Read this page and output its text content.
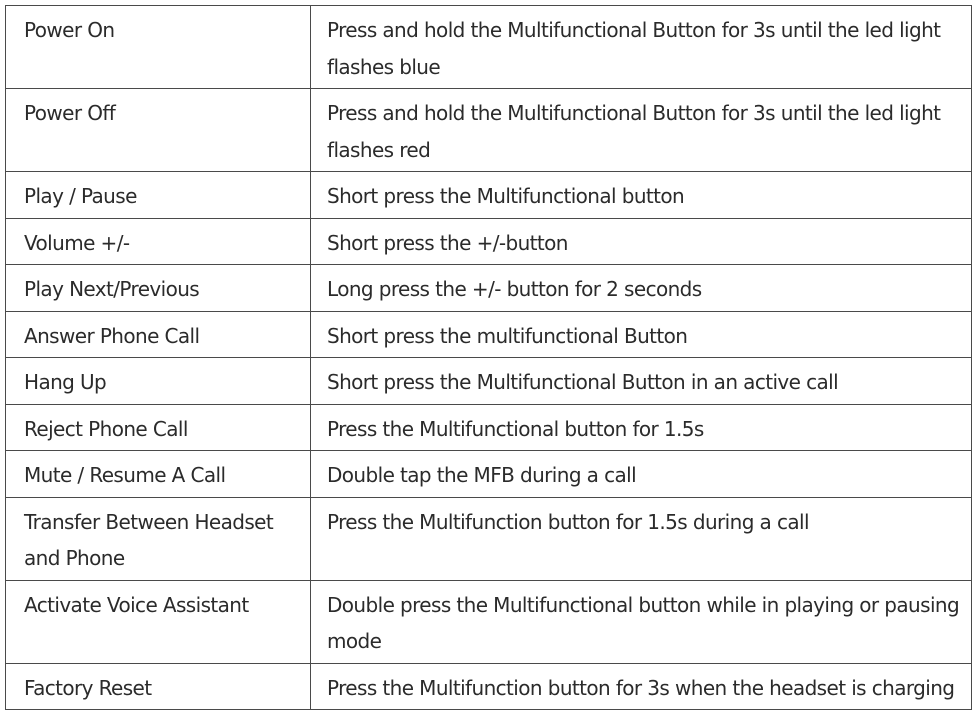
Power On	Press and hold the Multifunctional Button for 3s until the led light flashes blue
Power Off	Press and hold the Multifunctional Button for 3s until the led light flashes red
Play / Pause	Short press the Multifunctional button
Volume +/-	Short press the +/-button
Play Next/Previous	Long press the +/- button for 2 seconds
Answer Phone Call	Short press the multifunctional Button
Hang Up	Short press the Multifunctional Button in an active call
Reject Phone Call	Press the Multifunctional button for 1.5s
Mute / Resume A Call	Double tap the MFB during a call
Transfer Between Headset and Phone	Press the Multifunction button for 1.5s during a call
Activate Voice Assistant	Double press the Multifunctional button while in playing or pausing mode
Factory Reset	Press the Multifunction button for 3s when the headset is charging
